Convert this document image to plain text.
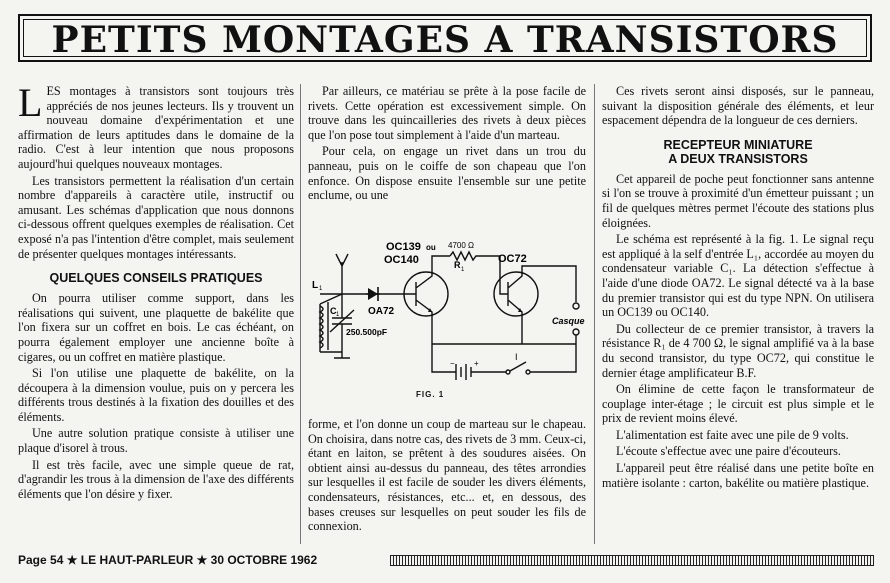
PETITS MONTAGES A TRANSISTORS

LES montages à transistors sont toujours très appréciés de nos jeunes lecteurs. Ils y trouvent un nouveau domaine d'expérimentation et une affirmation de leurs aptitudes dans le domaine de la radio. C'est à leur intention que nous proposons aujourd'hui quelques nouveaux montages.

Les transistors permettent la réalisation d'un certain nombre d'appareils à caractère utile, instructif ou amusant. Les schémas d'application que nous donnons ci-dessous offrent quelques exemples de réalisation. Cet exposé n'a pas l'intention d'être complet, mais seulement de présenter quelques montages intéressants.

QUELQUES CONSEILS PRATIQUES

On pourra utiliser comme support, dans les réalisations qui suivent, une plaquette de bakélite que l'on fixera sur un coffret en bois. Le cas échéant, on pourra également employer une ancienne boîte à cigares, ou un coffret en matière plastique.

Si l'on utilise une plaquette de bakélite, on la découpera à la dimension voulue, puis on y percera les différents trous destinés à la fixation des douilles et des éléments.

Une autre solution pratique consiste à utiliser une plaque d'isorel à trous.

Il est très facile, avec une simple queue de rat, d'agrandir les trous à la dimension de l'axe des différents éléments que l'on désire y fixer.

Par ailleurs, ce matériau se prête à la pose facile de rivets. Cette opération est excessivement simple. On trouve dans les quincailleries des rivets à deux pièces que l'on pose tout simplement à l'aide d'un marteau.

Pour cela, on engage un rivet dans un trou du panneau, puis on le coiffe de son chapeau que l'on enfonce. On dispose ensuite l'ensemble sur une petite enclume, ou une

OC139 ou
OC140	OC72
4700 Ω
R 1
L 1
C 1
250.500pF
OA72
Casque
I
− +
FIG. 1

forme, et l'on donne un coup de marteau sur le chapeau. On choisira, dans notre cas, des rivets de 3 mm. Ceux-ci, étant en laiton, se prêtent à des soudures aisées. On obtient ainsi au-dessus du panneau, des têtes arrondies sur lesquelles il est facile de souder les divers éléments, condensateurs, résistances, etc... et, en dessous, des bases creuses sur lesquelles on peut souder les fils de connexion.

Ces rivets seront ainsi disposés, sur le panneau, suivant la disposition générale des éléments, et leur espacement dépendra de la longueur de ces derniers.

RECEPTEUR MINIATURE
A DEUX TRANSISTORS

Cet appareil de poche peut fonctionner sans antenne si l'on se trouve à proximité d'un émetteur puissant ; un fil de quelques mètres permet l'écoute des stations plus éloignées.

Le schéma est représenté à la fig. 1. Le signal reçu est appliqué à la self d'entrée L₁, accordée au moyen du condensateur variable C₁. La détection s'effectue à l'aide d'une diode OA72. Le signal détecté va à la base du premier transistor qui est du type NPN. On utilisera un OC139 ou OC140.

Du collecteur de ce premier transistor, à travers la résistance R₁ de 4 700 Ω, le signal amplifié va à la base du second transistor, du type OC72, qui constitue le dernier étage amplificateur B.F.

On élimine de cette façon le transformateur de couplage inter-étage ; le circuit est plus simple et le prix de revient moins élevé.

L'alimentation est faite avec une pile de 9 volts.

L'écoute s'effectue avec une paire d'écouteurs.

L'appareil peut être réalisé dans une petite boîte en matière isolante : carton, bakélite ou matière plastique.

Page 54 ★ LE HAUT-PARLEUR ★ 30 OCTOBRE 1962
